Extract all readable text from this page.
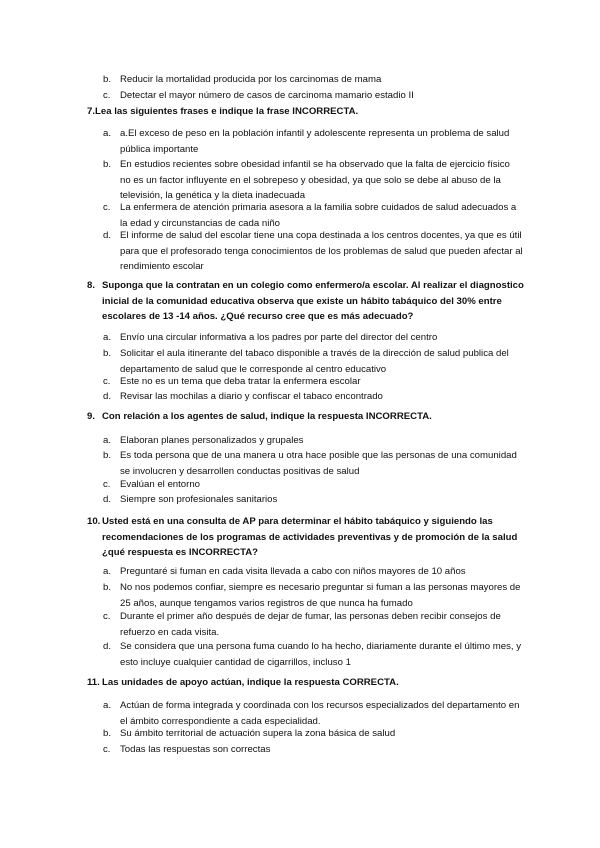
b. Reducir la mortalidad producida por los carcinomas de mama
c. Detectar el mayor número de casos de carcinoma mamario estadio II
7.Lea las siguientes frases e indique la frase INCORRECTA.
a. a.El exceso de peso en la población infantil y adolescente representa un problema de salud pública importante
b. En estudios recientes sobre obesidad infantil se ha observado que la falta de ejercicio físico no es un factor influyente en el sobrepeso y obesidad, ya que solo se debe al abuso de la televisión, la genética y la dieta inadecuada
c. La enfermera de atención primaria asesora a la familia sobre cuidados de salud adecuados a la edad y circunstancias de cada niño
d. El informe de salud del escolar tiene una copa destinada a los centros docentes, ya que es útil para que el profesorado tenga conocimientos de los problemas de salud que pueden afectar al rendimiento escolar
8. Suponga que la contratan en un colegio como enfermero/a escolar. Al realizar el diagnostico inicial de la comunidad educativa observa que existe un hábito tabáquico del 30% entre escolares de 13 -14 años. ¿Qué recurso cree que es más adecuado?
a. Envío una circular informativa a los padres por parte del director del centro
b. Solicitar el aula itinerante del tabaco disponible a través de la dirección de salud publica del departamento de salud que le corresponde al centro educativo
c. Este no es un tema que deba tratar la enfermera escolar
d. Revisar las mochilas a diario y confiscar el tabaco encontrado
9. Con relación a los agentes de salud, indique la respuesta INCORRECTA.
a. Elaboran planes personalizados y grupales
b. Es toda persona que de una manera u otra hace posible que las personas de una comunidad se involucren y desarrollen conductas positivas de salud
c. Evalúan el entorno
d. Siempre son profesionales sanitarios
10. Usted está en una consulta de AP para determinar el hábito tabáquico y siguiendo las recomendaciones de los programas de actividades preventivas y de promoción de la salud ¿qué respuesta es INCORRECTA?
a. Preguntaré si fuman en cada visita llevada a cabo con niños mayores de 10 años
b. No nos podemos confiar, siempre es necesario preguntar si fuman a las personas mayores de 25 años, aunque tengamos varios registros de que nunca ha fumado
c. Durante el primer año después de dejar de fumar, las personas deben recibir consejos de refuerzo en cada visita.
d. Se considera que una persona fuma cuando lo ha hecho, diariamente durante el último mes, y esto incluye cualquier cantidad de cigarrillos, incluso 1
11. Las unidades de apoyo actúan, indique la respuesta CORRECTA.
a. Actúan de forma integrada y coordinada con los recursos especializados del departamento en el ámbito correspondiente a cada especialidad.
b. Su ámbito territorial de actuación supera la zona básica de salud
c. Todas las respuestas son correctas
